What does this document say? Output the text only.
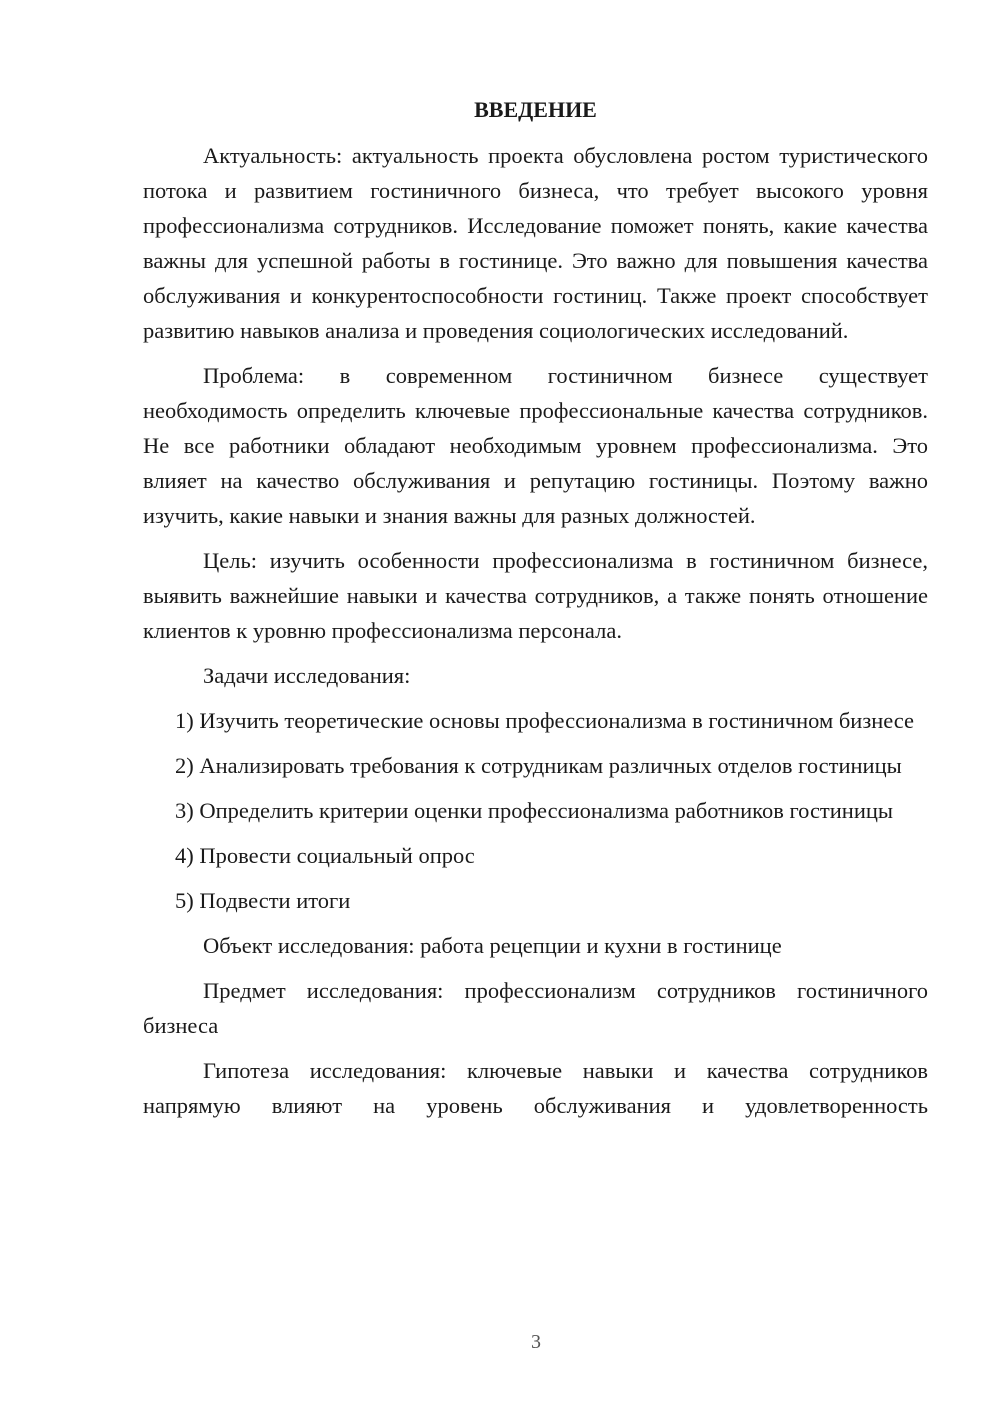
ВВЕДЕНИЕ

Актуальность: актуальность проекта обусловлена ростом туристического потока и развитием гостиничного бизнеса, что требует высокого уровня профессионализма сотрудников. Исследование поможет понять, какие качества важны для успешной работы в гостинице. Это важно для повышения качества обслуживания и конкурентоспособности гостиниц. Также проект способствует развитию навыков анализа и проведения социологических исследований.

Проблема: в современном гостиничном бизнесе существует необходимость определить ключевые профессиональные качества сотрудников. Не все работники обладают необходимым уровнем профессионализма. Это влияет на качество обслуживания и репутацию гостиницы. Поэтому важно изучить, какие навыки и знания важны для разных должностей.

Цель: изучить особенности профессионализма в гостиничном бизнесе, выявить важнейшие навыки и качества сотрудников, а также понять отношение клиентов к уровню профессионализма персонала.

Задачи исследования:

1) Изучить теоретические основы профессионализма в гостиничном бизнесе

2) Анализировать требования к сотрудникам различных отделов гостиницы

3) Определить критерии оценки профессионализма работников гостиницы

4) Провести социальный опрос

5) Подвести итоги

Объект исследования: работа рецепции и кухни в гостинице

Предмет исследования: профессионализм сотрудников гостиничного бизнеса

Гипотеза исследования: ключевые навыки и качества сотрудников напрямую влияют на уровень обслуживания и удовлетворенность

3
